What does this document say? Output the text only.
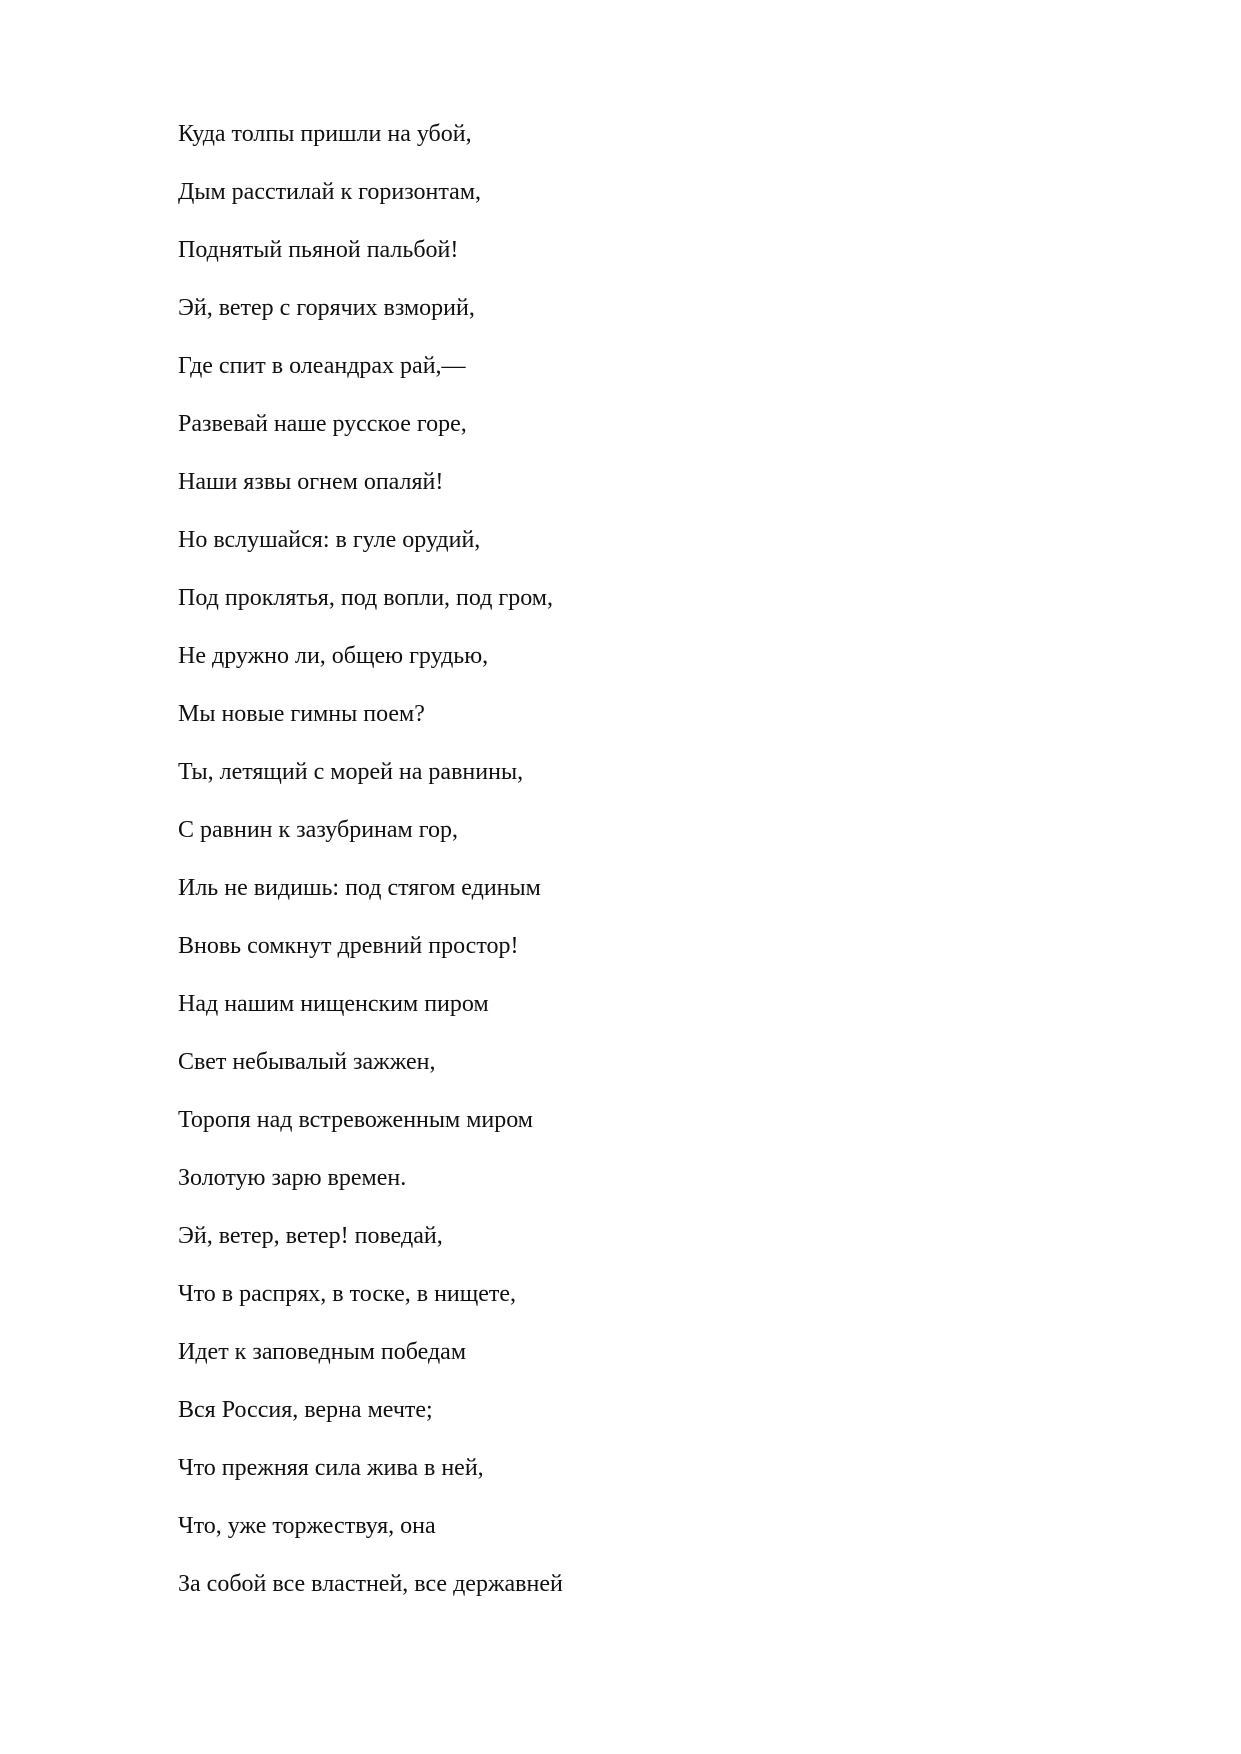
Куда толпы пришли на убой,
Дым расстилай к горизонтам,
Поднятый пьяной пальбой!
Эй, ветер с горячих взморий,
Где спит в олеандрах рай,—
Развевай наше русское горе,
Наши язвы огнем опаляй!
Но вслушайся: в гуле орудий,
Под проклятья, под вопли, под гром,
Не дружно ли, общею грудью,
Мы новые гимны поем?
Ты, летящий с морей на равнины,
С равнин к зазубринам гор,
Иль не видишь: под стягом единым
Вновь сомкнут древний простор!
Над нашим нищенским пиром
Свет небывалый зажжен,
Торопя над встревоженным миром
Золотую зарю времен.
Эй, ветер, ветер! поведай,
Что в распрях, в тоске, в нищете,
Идет к заповедным победам
Вся Россия, верна мечте;
Что прежняя сила жива в ней,
Что, уже торжествуя, она
За собой все властней, все державней
